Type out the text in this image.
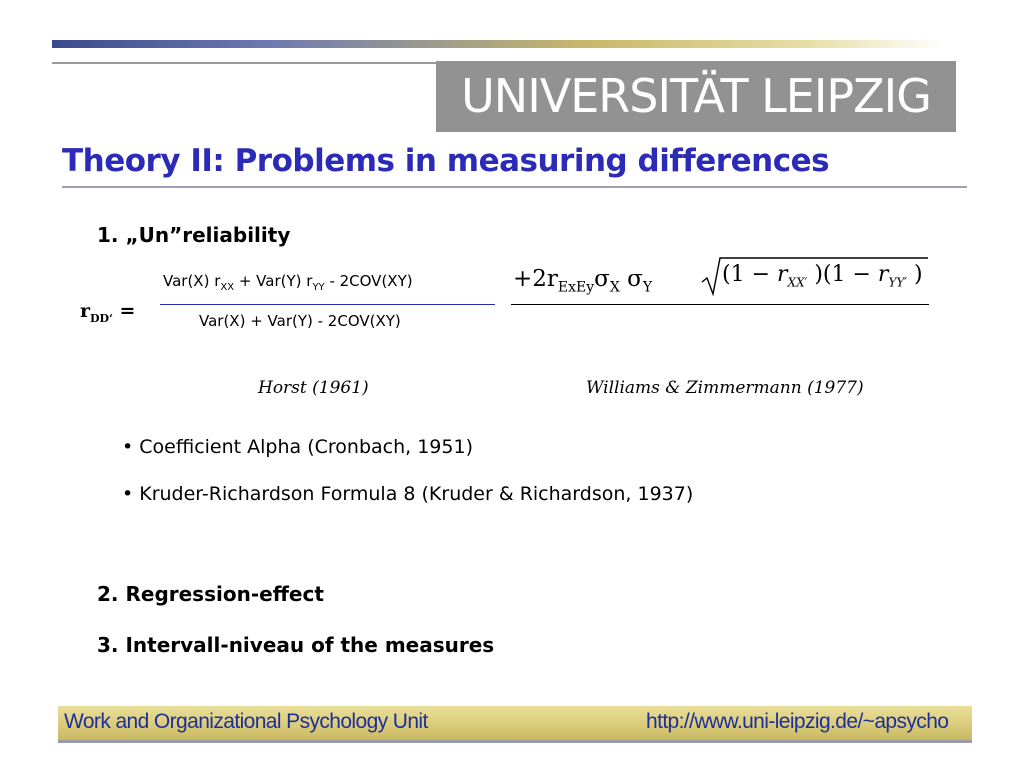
UNIVERSITÄT LEIPZIG
Theory II: Problems in measuring differences
1. „Un”reliability
$r_{DD‘}$ =
Var(X) $r_{XX} + Var(Y)$ $r_{YY} - 2COV(XY)$
Var(X) + Var(Y) - 2COV(XY)
$+2r_{ExEy}\sigma_X$ $\sigma_Y$
($1 - r_{XX'}$ )($1 - r_{YY'}$ )
Horst (1961)	Williams & Zimmermann (1977)
• Coefficient Alpha (Cronbach, 1951)
• Kruder-Richardson Formula 8 (Kruder & Richardson, 1937)
2. Regression-effect
3. Intervall-niveau of the measures
Work and Organizational Psychology Unit	http://www.uni-leipzig.de/~apsycho
